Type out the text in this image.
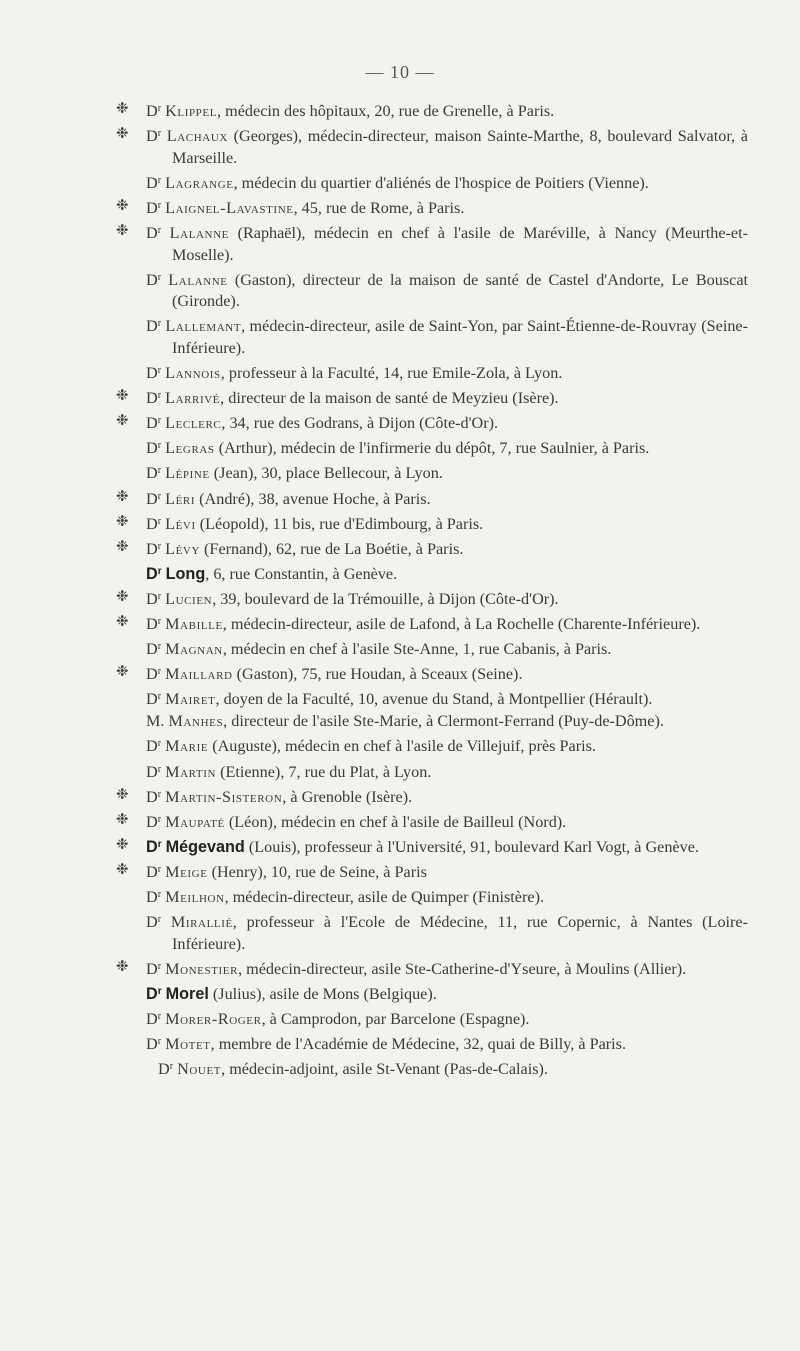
— 10 —
❉ $D^r$ Klippel, médecin des hôpitaux, 20, rue de Grenelle, à Paris.
❉ $D^r$ Lachaux (Georges), médecin-directeur, maison Sainte-Marthe, 8, boulevard Salvator, à Marseille.
$D^r$ Lagrange, médecin du quartier d'aliénés de l'hospice de Poitiers (Vienne).
❉ $D^r$ Laignel-Lavastine, 45, rue de Rome, à Paris.
❉ $D^r$ Lalanne (Raphaël), médecin en chef à l'asile de Maréville, à Nancy (Meurthe-et-Moselle).
$D^r$ Lalanne (Gaston), directeur de la maison de santé de Castel d'Andorte, Le Bouscat (Gironde).
$D^r$ Lallemant, médecin-directeur, asile de Saint-Yon, par Saint-Étienne-de-Rouvray (Seine-Inférieure).
$D^r$ Lannois, professeur à la Faculté, 14, rue Emile-Zola, à Lyon.
❉ $D^r$ Larrivé, directeur de la maison de santé de Meyzieu (Isère).
❉ $D^r$ Leclerc, 34, rue des Godrans, à Dijon (Côte-d'Or).
$D^r$ Legras (Arthur), médecin de l'infirmerie du dépôt, 7, rue Saulnier, à Paris.
$D^r$ Lépine (Jean), 30, place Bellecour, à Lyon.
❉ $D^r$ Léri (André), 38, avenue Hoche, à Paris.
❉ $D^r$ Lévi (Léopold), 11 bis, rue d'Edimbourg, à Paris.
❉ $D^r$ Lévy (Fernand), 62, rue de La Boétie, à Paris.
$D^r$ Long, 6, rue Constantin, à Genève.
❉ $D^r$ Lucien, 39, boulevard de la Trémouille, à Dijon (Côte-d'Or).
❉ $D^r$ Mabille, médecin-directeur, asile de Lafond, à La Rochelle (Charente-Inférieure).
$D^r$ Magnan, médecin en chef à l'asile Ste-Anne, 1, rue Cabanis, à Paris.
❉ $D^r$ Maillard (Gaston), 75, rue Houdan, à Sceaux (Seine).
$D^r$ Mairet, doyen de la Faculté, 10, avenue du Stand, à Montpellier (Hérault).
M. Manhes, directeur de l'asile Ste-Marie, à Clermont-Ferrand (Puy-de-Dôme).
$D^r$ Marie (Auguste), médecin en chef à l'asile de Villejuif, près Paris.
$D^r$ Martin (Etienne), 7, rue du Plat, à Lyon.
❉ $D^r$ Martin-Sisteron, à Grenoble (Isère).
❉ $D^r$ Maupaté (Léon), médecin en chef à l'asile de Bailleul (Nord).
❉ $D^r$ Mégevand (Louis), professeur à l'Université, 91, boulevard Karl Vogt, à Genève.
❉ $D^r$ Meige (Henry), 10, rue de Seine, à Paris
$D^r$ Meilhon, médecin-directeur, asile de Quimper (Finistère).
$D^r$ Mirallié, professeur à l'Ecole de Médecine, 11, rue Copernic, à Nantes (Loire-Inférieure).
❉ $D^r$ Monestier, médecin-directeur, asile Ste-Catherine-d'Yseure, à Moulins (Allier).
$D^r$ Morel (Julius), asile de Mons (Belgique).
$D^r$ Morer-Roger, à Camprodon, par Barcelone (Espagne).
$D^r$ Motet, membre de l'Académie de Médecine, 32, quai de Billy, à Paris.
$D^r$ Nouet, médecin-adjoint, asile St-Venant (Pas-de-Calais).
